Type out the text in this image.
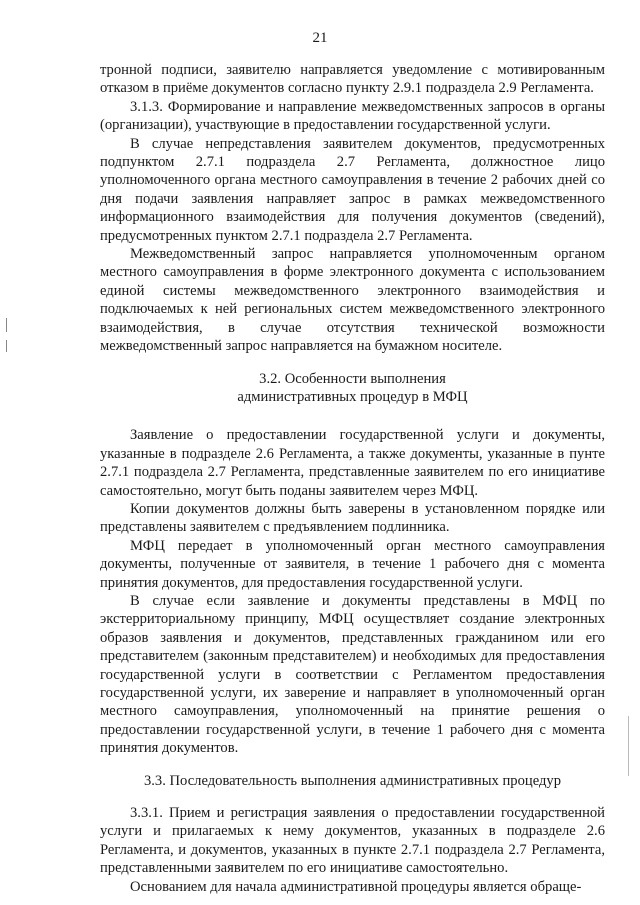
21

тронной подписи, заявителю направляется уведомление с мотивированным отказом в приёме документов согласно пункту 2.9.1 подраздела 2.9 Регламента.

3.1.3. Формирование и направление межведомственных запросов в органы (организации), участвующие в предоставлении государственной услуги.

В случае непредставления заявителем документов, предусмотренных подпунктом 2.7.1 подраздела 2.7 Регламента, должностное лицо уполномоченного органа местного самоуправления в течение 2 рабочих дней со дня подачи заявления направляет запрос в рамках межведомственного информационного взаимодействия для получения документов (сведений), предусмотренных пунктом 2.7.1 подраздела 2.7 Регламента.

Межведомственный запрос направляется уполномоченным органом местного самоуправления в форме электронного документа с использованием единой системы межведомственного электронного взаимодействия и подключаемых к ней региональных систем межведомственного электронного взаимодействия, в случае отсутствия технической возможности межведомственный запрос направляется на бумажном носителе.

3.2. Особенности выполнения

административных процедур в МФЦ

Заявление о предоставлении государственной услуги и документы, указанные в подразделе 2.6 Регламента, а также документы, указанные в пунте 2.7.1 подраздела 2.7 Регламента, представленные заявителем по его инициативе самостоятельно, могут быть поданы заявителем через МФЦ.

Копии документов должны быть заверены в установленном порядке или представлены заявителем с предъявлением подлинника.

МФЦ передает в уполномоченный орган местного самоуправления документы, полученные от заявителя, в течение 1 рабочего дня с момента принятия документов, для предоставления государственной услуги.

В случае если заявление и документы представлены в МФЦ по экстерриториальному принципу, МФЦ осуществляет создание электронных образов заявления и документов, представленных гражданином или его представителем (законным представителем) и необходимых для предоставления государственной услуги в соответствии с Регламентом предоставления государственной услуги, их заверение и направляет в уполномоченный орган местного самоуправления, уполномоченный на принятие решения о предоставлении государственной услуги, в течение 1 рабочего дня с момента принятия документов.

3.3. Последовательность выполнения административных процедур

3.3.1. Прием и регистрация заявления о предоставлении государственной услуги и прилагаемых к нему документов, указанных в подразделе 2.6 Регламента, и документов, указанных в пункте 2.7.1 подраздела 2.7 Регламента, представленными заявителем по его инициативе самостоятельно.

Основанием для начала административной процедуры является обраще-
